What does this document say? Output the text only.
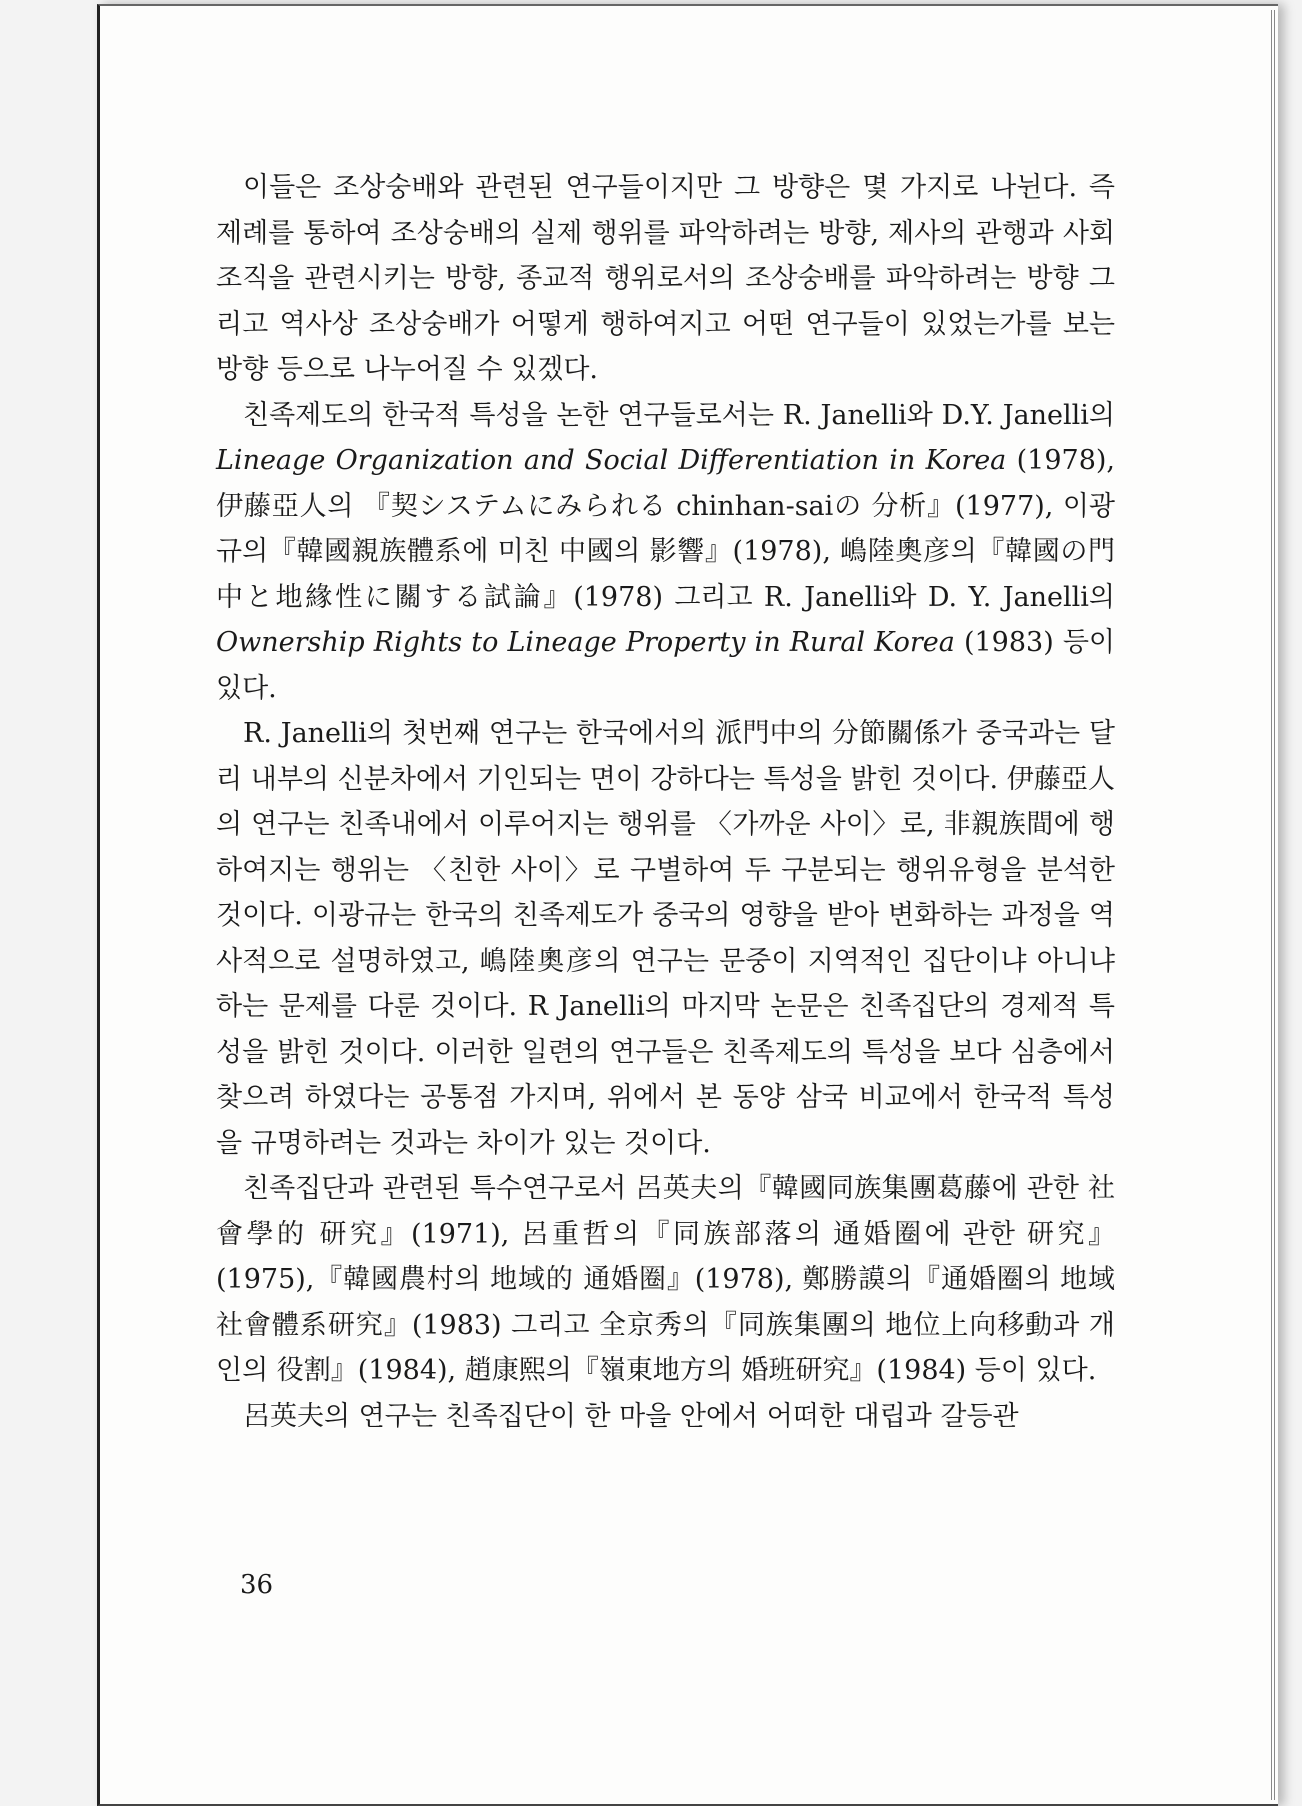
이들은 조상숭배와 관련된 연구들이지만 그 방향은 몇 가지로 나뉜다. 즉 제례를 통하여 조상숭배의 실제 행위를 파악하려는 방향, 제사의 관행과 사회조직을 관련시키는 방향, 종교적 행위로서의 조상숭배를 파악하려는 방향 그리고 역사상 조상숭배가 어떻게 행하여지고 어떤 연구들이 있었는가를 보는 방향 등으로 나누어질 수 있겠다.

친족제도의 한국적 특성을 논한 연구들로서는 R. Janelli와 D.Y. Janelli의 Lineage Organization and Social Differentiation in Korea (1978), 伊藤亞人의 『契システムにみられる chinhan-saiの 分析』(1977), 이광규의『韓國親族體系에 미친 中國의 影響』(1978), 嶋陸奧彦의『韓國の門中と地緣性に關する試論』(1978) 그리고 R. Janelli와 D. Y. Janelli의 Ownership Rights to Lineage Property in Rural Korea (1983) 등이 있다.

R. Janelli의 첫번째 연구는 한국에서의 派門中의 分節關係가 중국과는 달리 내부의 신분차에서 기인되는 면이 강하다는 특성을 밝힌 것이다. 伊藤亞人의 연구는 친족내에서 이루어지는 행위를 〈가까운 사이〉로, 非親族間에 행하여지는 행위는 〈친한 사이〉로 구별하여 두 구분되는 행위유형을 분석한 것이다. 이광규는 한국의 친족제도가 중국의 영향을 받아 변화하는 과정을 역사적으로 설명하였고, 嶋陸奧彦의 연구는 문중이 지역적인 집단이냐 아니냐 하는 문제를 다룬 것이다. R Janelli의 마지막 논문은 친족집단의 경제적 특성을 밝힌 것이다. 이러한 일련의 연구들은 친족제도의 특성을 보다 심층에서 찾으려 하였다는 공통점 가지며, 위에서 본 동양 삼국 비교에서 한국적 특성을 규명하려는 것과는 차이가 있는 것이다.

친족집단과 관련된 특수연구로서 呂英夫의『韓國同族集團葛藤에 관한 社會學的 研究』(1971), 呂重哲의『同族部落의 通婚圈에 관한 研究』(1975),『韓國農村의 地域的 通婚圈』(1978), 鄭勝謨의『通婚圈의 地域社會體系研究』(1983) 그리고 全京秀의『同族集團의 地位上向移動과 개인의 役割』(1984), 趙康熙의『嶺東地方의 婚班研究』(1984) 등이 있다.

呂英夫의 연구는 친족집단이 한 마을 안에서 어떠한 대립과 갈등관

36
